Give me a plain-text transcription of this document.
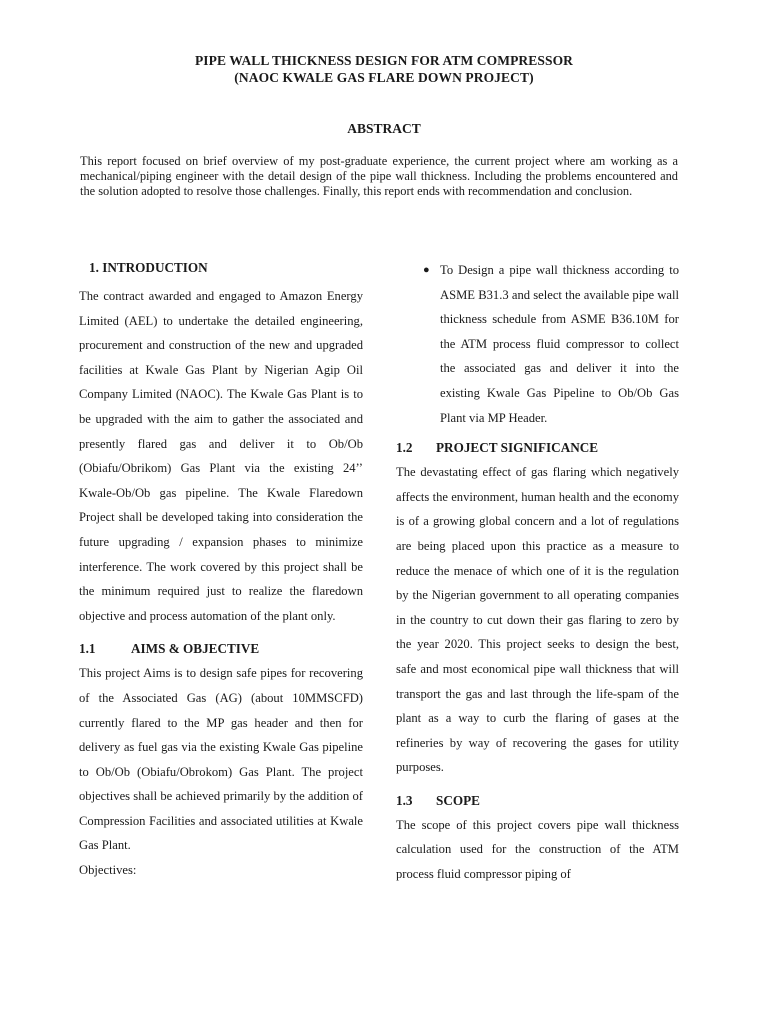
PIPE WALL THICKNESS DESIGN FOR ATM COMPRESSOR
(NAOC KWALE GAS FLARE DOWN PROJECT)
ABSTRACT
This report focused on brief overview of my post-graduate experience, the current project where am working as a mechanical/piping engineer with the detail design of the pipe wall thickness. Including the problems encountered and the solution adopted to resolve those challenges. Finally, this report ends with recommendation and conclusion.
1. INTRODUCTION

The contract awarded and engaged to Amazon Energy Limited (AEL) to undertake the detailed engineering, procurement and construction of the new and upgraded facilities at Kwale Gas Plant by Nigerian Agip Oil Company Limited (NAOC). The Kwale Gas Plant is to be upgraded with the aim to gather the associated and presently flared gas and deliver it to Ob/Ob (Obiafu/Obrikom) Gas Plant via the existing 24’’ Kwale-Ob/Ob gas pipeline. The Kwale Flaredown Project shall be developed taking into consideration the future upgrading / expansion phases to minimize interference. The work covered by this project shall be the minimum required just to realize the flaredown objective and process automation of the plant only.

1.1	AIMS & OBJECTIVE

This project Aims is to design safe pipes for recovering of the Associated Gas (AG) (about 10MMSCFD) currently flared to the MP gas header and then for delivery as fuel gas via the existing Kwale Gas pipeline to Ob/Ob (Obiafu/Obrokom) Gas Plant. The project objectives shall be achieved primarily by the addition of Compression Facilities and associated utilities at Kwale Gas Plant.

Objectives:
● To Design a pipe wall thickness according to ASME B31.3 and select the available pipe wall thickness schedule from ASME B36.10M for the ATM process fluid compressor to collect the associated gas and deliver it into the existing Kwale Gas Pipeline to Ob/Ob Gas Plant via MP Header.
1.2 PROJECT SIGNIFICANCE

The devastating effect of gas flaring which negatively affects the environment, human health and the economy is of a growing global concern and a lot of regulations are being placed upon this practice as a measure to reduce the menace of which one of it is the regulation by the Nigerian government to all operating companies in the country to cut down their gas flaring to zero by the year 2020. This project seeks to design the best, safe and most economical pipe wall thickness that will transport the gas and last through the life-spam of the plant as a way to curb the flaring of gases at the refineries by way of recovering the gases for utility purposes.

1.3 SCOPE

The scope of this project covers pipe wall thickness calculation used for the construction of the ATM process fluid compressor piping of
